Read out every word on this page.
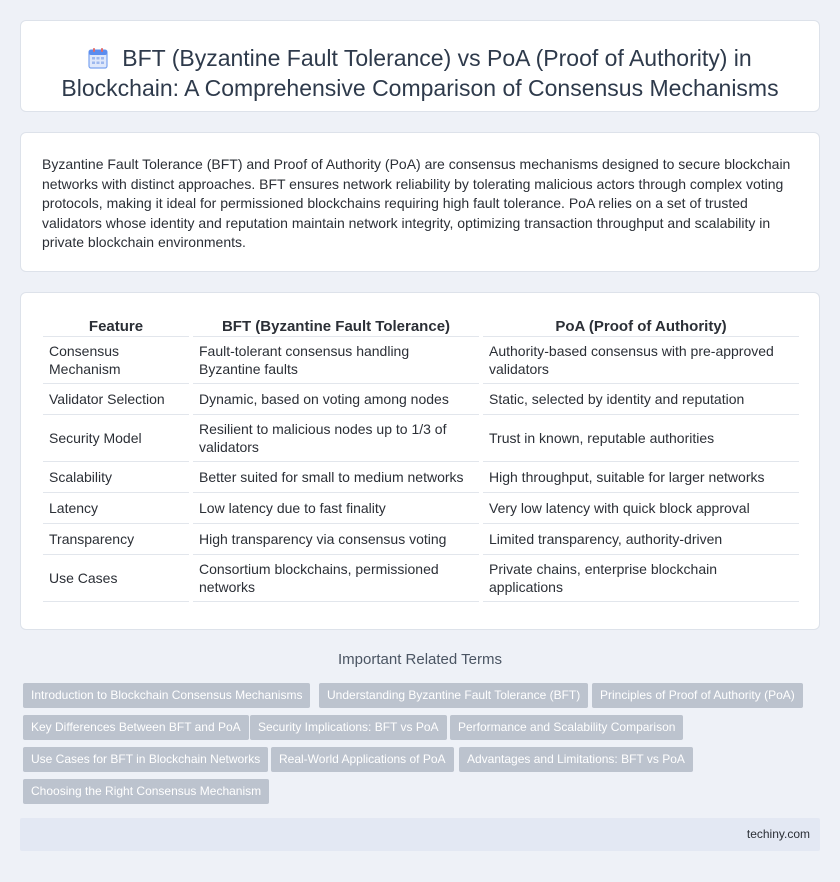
BFT (Byzantine Fault Tolerance) vs PoA (Proof of Authority) in Blockchain: A Comprehensive Comparison of Consensus Mechanisms

Byzantine Fault Tolerance (BFT) and Proof of Authority (PoA) are consensus mechanisms designed to secure blockchain networks with distinct approaches. BFT ensures network reliability by tolerating malicious actors through complex voting protocols, making it ideal for permissioned blockchains requiring high fault tolerance. PoA relies on a set of trusted validators whose identity and reputation maintain network integrity, optimizing transaction throughput and scalability in private blockchain environments.

Feature		BFT (Byzantine Fault Tolerance)		PoA (Proof of Authority)
Consensus Mechanism		Fault-tolerant consensus handling Byzantine faults		Authority-based consensus with pre-approved validators
Validator Selection		Dynamic, based on voting among nodes		Static, selected by identity and reputation
Security Model		Resilient to malicious nodes up to 1/3 of validators		Trust in known, reputable authorities
Scalability		Better suited for small to medium networks		High throughput, suitable for larger networks
Latency		Low latency due to fast finality		Very low latency with quick block approval
Transparency		High transparency via consensus voting		Limited transparency, authority-driven
Use Cases		Consortium blockchains, permissioned networks		Private chains, enterprise blockchain applications
Important Related Terms
Introduction to Blockchain Consensus Mechanisms	Understanding Byzantine Fault Tolerance (BFT)	Principles of Proof of Authority (PoA)
Key Differences Between BFT and PoA	Security Implications: BFT vs PoA	Performance and Scalability Comparison
Use Cases for BFT in Blockchain Networks	Real-World Applications of PoA	Advantages and Limitations: BFT vs PoA
Choosing the Right Consensus Mechanism
techiny.com
